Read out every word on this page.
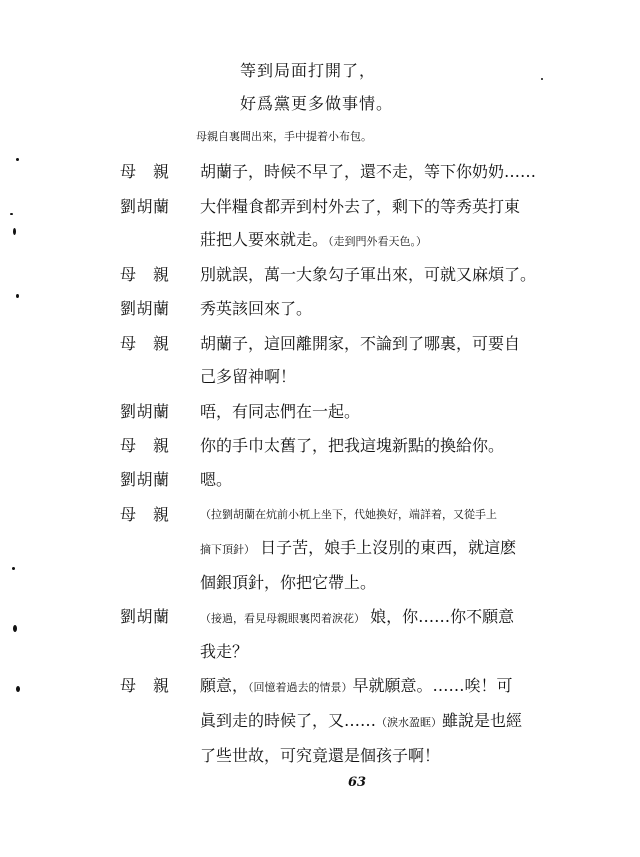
等到局面打開了，
好爲黨更多做事情。
母親自裏間出來，手中提着小布包。
母　親	胡蘭子，時候不早了，還不走，等下你奶奶……
劉胡蘭	大伴糧食都弄到村外去了，剩下的等秀英打東
莊把人要來就走。（走到門外看天色。）
母　親	別就誤，萬一大象勾子軍出來，可就又麻煩了。
劉胡蘭	秀英該回來了。
母　親	胡蘭子，這回離開家，不論到了哪裏，可要自
己多留神啊！
劉胡蘭	唔，有同志們在一起。
母　親	你的手巾太舊了，把我這塊新點的換給你。
劉胡蘭	嗯。
母　親	（拉劉胡蘭在炕前小杌上坐下，代她換好，端詳着，又從手上
摘下頂針） 日子苦，娘手上沒別的東西，就這麽
個銀頂針，你把它帶上。
劉胡蘭	（接過，看見母親眼裏閃着淚花） 娘，你……你不願意
我走？
母　親	願意，（回憶着過去的情景）早就願意。……唉！可
眞到走的時候了，又……（淚水盈眶）雖說是也經
了些世故，可究竟還是個孩子啊！
63
